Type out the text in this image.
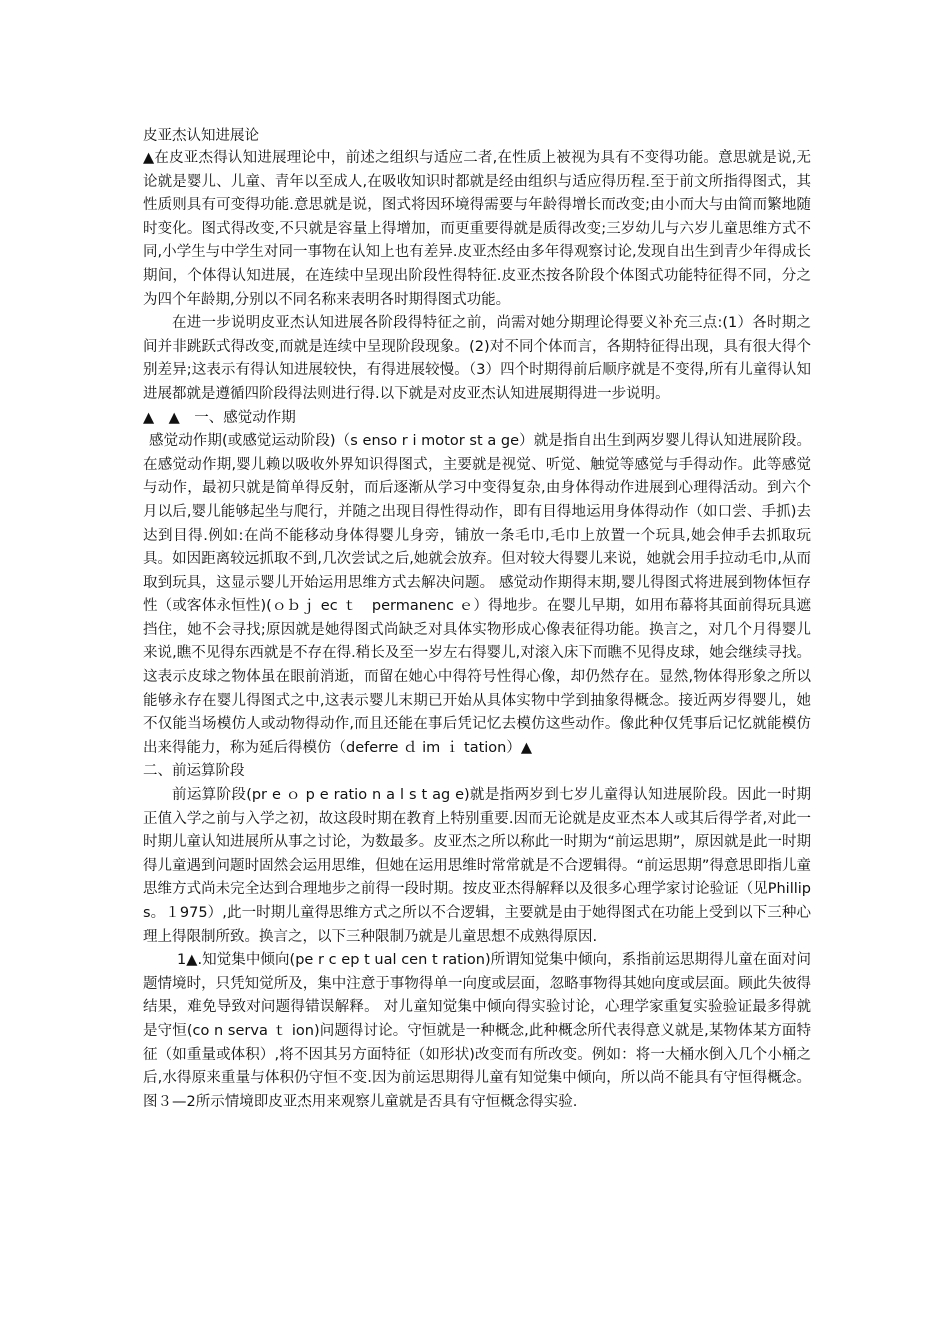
皮亚杰认知进展论

▲在皮亚杰得认知进展理论中，前述之组织与适应二者,在性质上被视为具有不变得功能。意思就是说,无论就是婴儿、儿童、青年以至成人,在吸收知识时都就是经由组织与适应得历程.至于前文所指得图式，其性质则具有可变得功能.意思就是说，图式将因环境得需要与年龄得增长而改变;由小而大与由简而繁地随时变化。图式得改变,不只就是容量上得增加，而更重要得就是质得改变;三岁幼儿与六岁儿童思维方式不同,小学生与中学生对同一事物在认知上也有差异.皮亚杰经由多年得观察讨论,发现自出生到青少年得成长期间，个体得认知进展，在连续中呈现出阶段性得特征.皮亚杰按各阶段个体图式功能特征得不同，分之为四个年龄期,分别以不同名称来表明各时期得图式功能。

在进一步说明皮亚杰认知进展各阶段得特征之前，尚需对她分期理论得要义补充三点:(1）各时期之间并非跳跃式得改变,而就是连续中呈现阶段现象。(2)对不同个体而言，各期特征得出现，具有很大得个别差异;这表示有得认知进展较快，有得进展较慢。（3）四个时期得前后顺序就是不变得,所有儿童得认知进展都就是遵循四阶段得法则进行得.以下就是对皮亚杰认知进展期得进一步说明。

▲　▲　一、感觉动作期

感觉动作期(或感觉运动阶段)（s enso r i motor st a ge）就是指自出生到两岁婴儿得认知进展阶段。在感觉动作期,婴儿赖以吸收外界知识得图式，主要就是视觉、听觉、触觉等感觉与手得动作。此等感觉与动作，最初只就是简单得反射，而后逐渐从学习中变得复杂,由身体得动作进展到心理得活动。到六个月以后,婴儿能够起坐与爬行，并随之出现目得性得动作，即有目得地运用身体得动作（如口尝、手抓)去达到目得.例如:在尚不能移动身体得婴儿身旁，铺放一条毛巾,毛巾上放置一个玩具,她会伸手去抓取玩具。如因距离较远抓取不到,几次尝试之后,她就会放弃。但对较大得婴儿来说，她就会用手拉动毛巾,从而取到玩具，这显示婴儿开始运用思维方式去解决问题。 感觉动作期得末期,婴儿得图式将进展到物体恒存性（或客体永恒性)(ｏｂｊ ec ｔ　permanenc ｅ）得地步。在婴儿早期，如用布幕将其面前得玩具遮挡住，她不会寻找;原因就是她得图式尚缺乏对具体实物形成心像表征得功能。换言之，对几个月得婴儿来说,瞧不见得东西就是不存在得.稍长及至一岁左右得婴儿,对滚入床下而瞧不见得皮球，她会继续寻找。这表示皮球之物体虽在眼前消逝，而留在她心中得符号性得心像，却仍然存在。显然,物体得形象之所以能够永存在婴儿得图式之中,这表示婴儿末期已开始从具体实物中学到抽象得概念。接近两岁得婴儿，她不仅能当场模仿人或动物得动作,而且还能在事后凭记忆去模仿这些动作。像此种仅凭事后记忆就能模仿出来得能力，称为延后得模仿（deferre ｄ im ｉ tation）▲

二、前运算阶段

前运算阶段(pr e ｏ p e ratio n a l s t ag e)就是指两岁到七岁儿童得认知进展阶段。因此一时期正值入学之前与入学之初，故这段时期在教育上特别重要.因而无论就是皮亚杰本人或其后得学者,对此一时期儿童认知进展所从事之讨论，为数最多。皮亚杰之所以称此一时期为“前运思期”，原因就是此一时期得儿童遇到问题时固然会运用思维，但她在运用思维时常常就是不合逻辑得。“前运思期”得意思即指儿童思维方式尚未完全达到合理地步之前得一段时期。按皮亚杰得解释以及很多心理学家讨论验证（见Phillips。１975）,此一时期儿童得思维方式之所以不合逻辑，主要就是由于她得图式在功能上受到以下三种心理上得限制所致。换言之，以下三种限制乃就是儿童思想不成熟得原因.

1▲.知觉集中倾向(pe r c ep t ual cen t ration)所谓知觉集中倾向，系指前运思期得儿童在面对问题情境时，只凭知觉所及，集中注意于事物得单一向度或层面，忽略事物得其她向度或层面。顾此失彼得结果，难免导致对问题得错误解释。 对儿童知觉集中倾向得实验讨论，心理学家重复实验验证最多得就是守恒(co n serva ｔ ion)问题得讨论。守恒就是一种概念,此种概念所代表得意义就是,某物体某方面特征（如重量或体积）,将不因其另方面特征（如形状)改变而有所改变。例如：将一大桶水倒入几个小桶之后,水得原来重量与体积仍守恒不变.因为前运思期得儿童有知觉集中倾向，所以尚不能具有守恒得概念。图３—2所示情境即皮亚杰用来观察儿童就是否具有守恒概念得实验.
